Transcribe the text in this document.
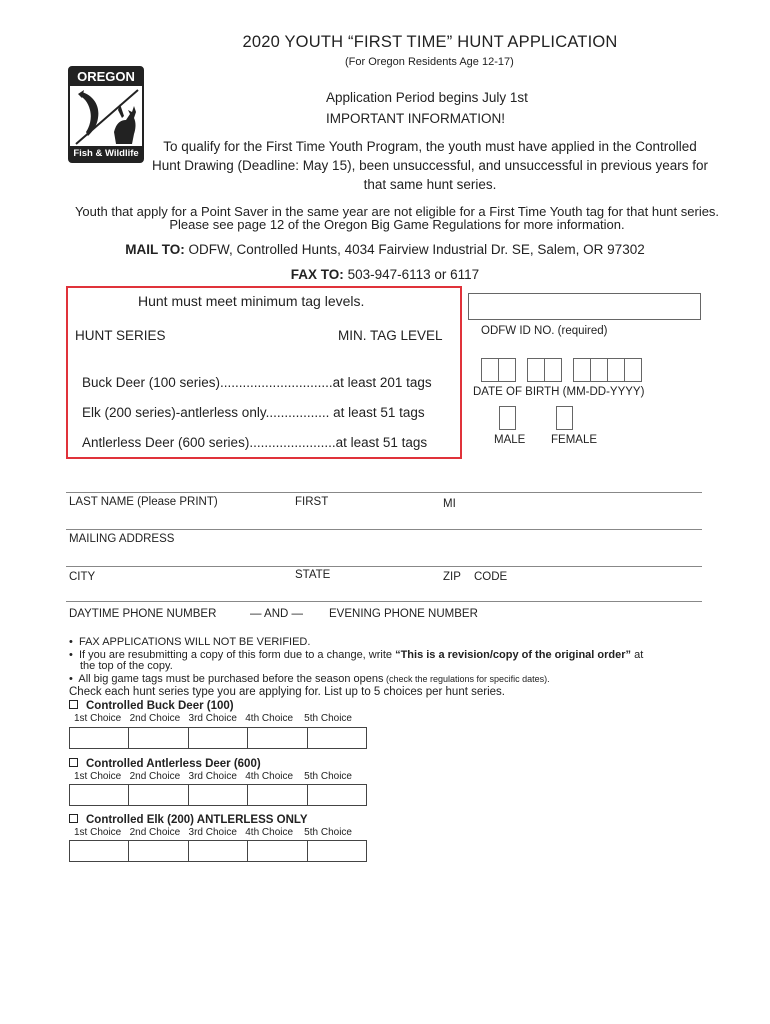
2020 YOUTH “FIRST TIME” HUNT APPLICATION
(For Oregon Residents Age 12-17)
OREGON
Fish & Wildlife
Application Period begins July 1st
IMPORTANT INFORMATION!
To qualify for the First Time Youth Program, the youth must have applied in the Controlled Hunt Drawing (Deadline: May 15), been unsuccessful, and unsuccessful in previous years for that same hunt series.
Youth that apply for a Point Saver in the same year are not eligible for a First Time Youth tag for that hunt series. Please see page 12 of the Oregon Big Game Regulations for more information.
MAIL TO: ODFW, Controlled Hunts, 4034 Fairview Industrial Dr. SE, Salem, OR 97302
FAX TO: 503-947-6113 or 6117
Hunt must meet minimum tag levels.
HUNT SERIES	MIN. TAG LEVEL
Buck Deer (100 series)..............................at least 201 tags
Elk (200 series)-antlerless only................. at least 51 tags
Antlerless Deer (600 series).......................at least 51 tags
ODFW ID NO. (required)
DATE OF BIRTH (MM-DD-YYYY)
MALE FEMALE
LAST NAME (Please PRINT)	FIRST	MI
MAILING ADDRESS
CITY	STATE	ZIP CODE
DAYTIME PHONE NUMBER	— AND — EVENING PHONE NUMBER
•  FAX APPLICATIONS WILL NOT BE VERIFIED.
•  If you are resubmitting a copy of this form due to a change, write “This is a revision/copy of the original order” at
the top of the copy.
•  All big game tags must be purchased before the season opens (check the regulations for specific dates).
Check each hunt series type you are applying for. List up to 5 choices per hunt series.
Controlled Buck Deer (100)
1st Choice 2nd Choice 3rd Choice 4th Choice 5th Choice
Controlled Antlerless Deer (600)
1st Choice 2nd Choice 3rd Choice 4th Choice 5th Choice
Controlled Elk (200) ANTLERLESS ONLY
1st Choice 2nd Choice 3rd Choice 4th Choice 5th Choice
